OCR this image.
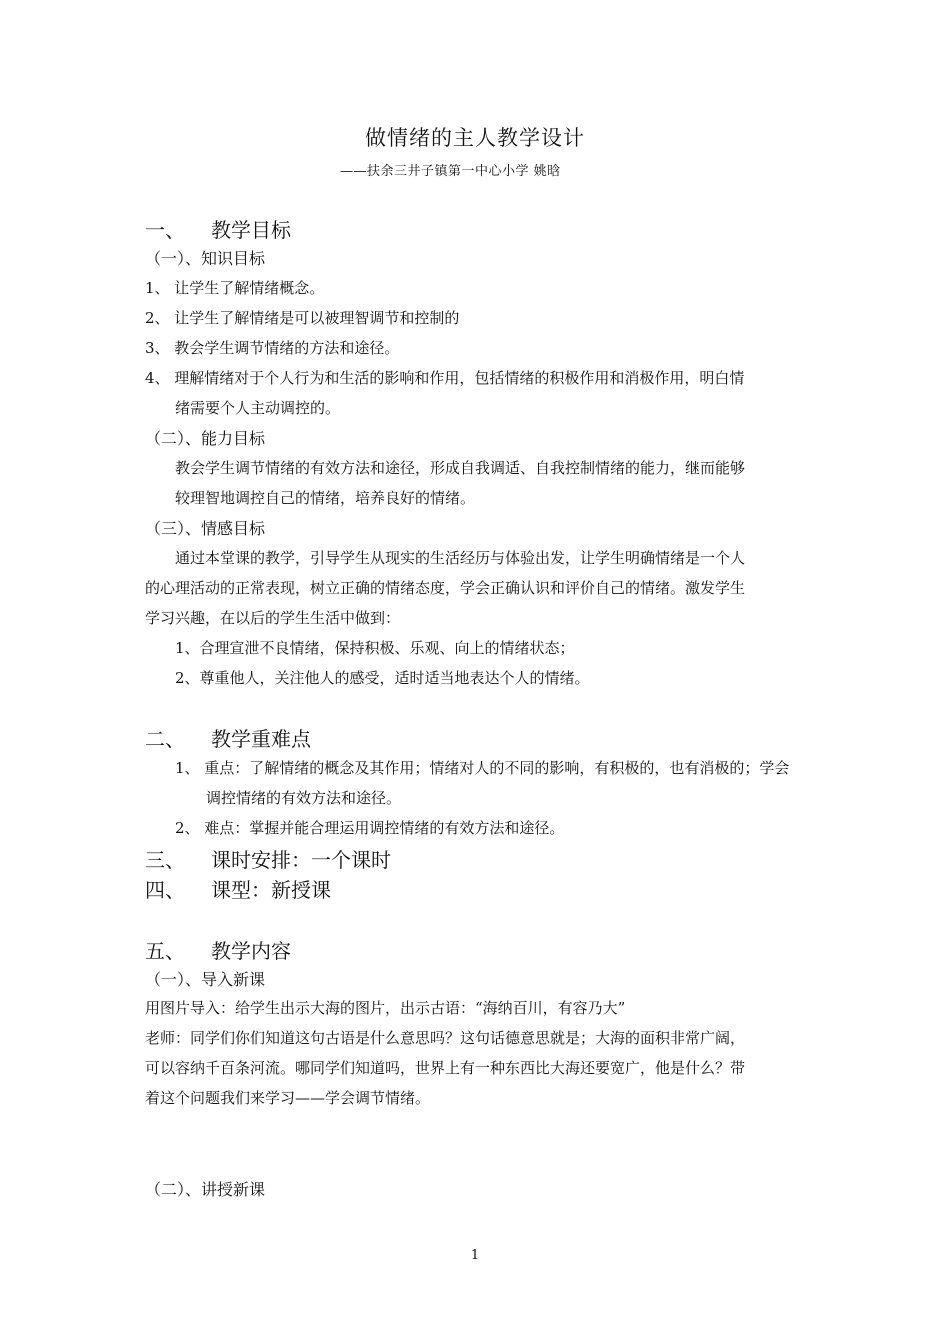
做情绪的主人教学设计
——扶余三井子镇第一中心小学 姚晗
一、 教学目标
（一）、知识目标
1、 让学生了解情绪概念。
2、 让学生了解情绪是可以被理智调节和控制的
3、 教会学生调节情绪的方法和途径。
4、 理解情绪对于个人行为和生活的影响和作用，包括情绪的积极作用和消极作用，明白情
绪需要个人主动调控的。
（二）、能力目标
教会学生调节情绪的有效方法和途径，形成自我调适、自我控制情绪的能力，继而能够
较理智地调控自己的情绪，培养良好的情绪。
（三）、情感目标
通过本堂课的教学，引导学生从现实的生活经历与体验出发，让学生明确情绪是一个人
的心理活动的正常表现，树立正确的情绪态度，学会正确认识和评价自己的情绪。激发学生
学习兴趣，在以后的学生生活中做到：
1、合理宣泄不良情绪，保持积极、乐观、向上的情绪状态；
2、尊重他人，关注他人的感受，适时适当地表达个人的情绪。
二、 教学重难点
1、 重点：了解情绪的概念及其作用；情绪对人的不同的影响，有积极的，也有消极的；学会
调控情绪的有效方法和途径。
2、 难点：掌握并能合理运用调控情绪的有效方法和途径。
三、 课时安排：一个课时
四、 课型：新授课
五、 教学内容
（一）、导入新课
用图片导入：给学生出示大海的图片，出示古语：“海纳百川，有容乃大”
老师：同学们你们知道这句古语是什么意思吗？这句话德意思就是；大海的面积非常广阔，
可以容纳千百条河流。哪同学们知道吗，世界上有一种东西比大海还要宽广，他是什么？带
着这个问题我们来学习——学会调节情绪。
（二）、讲授新课
1
